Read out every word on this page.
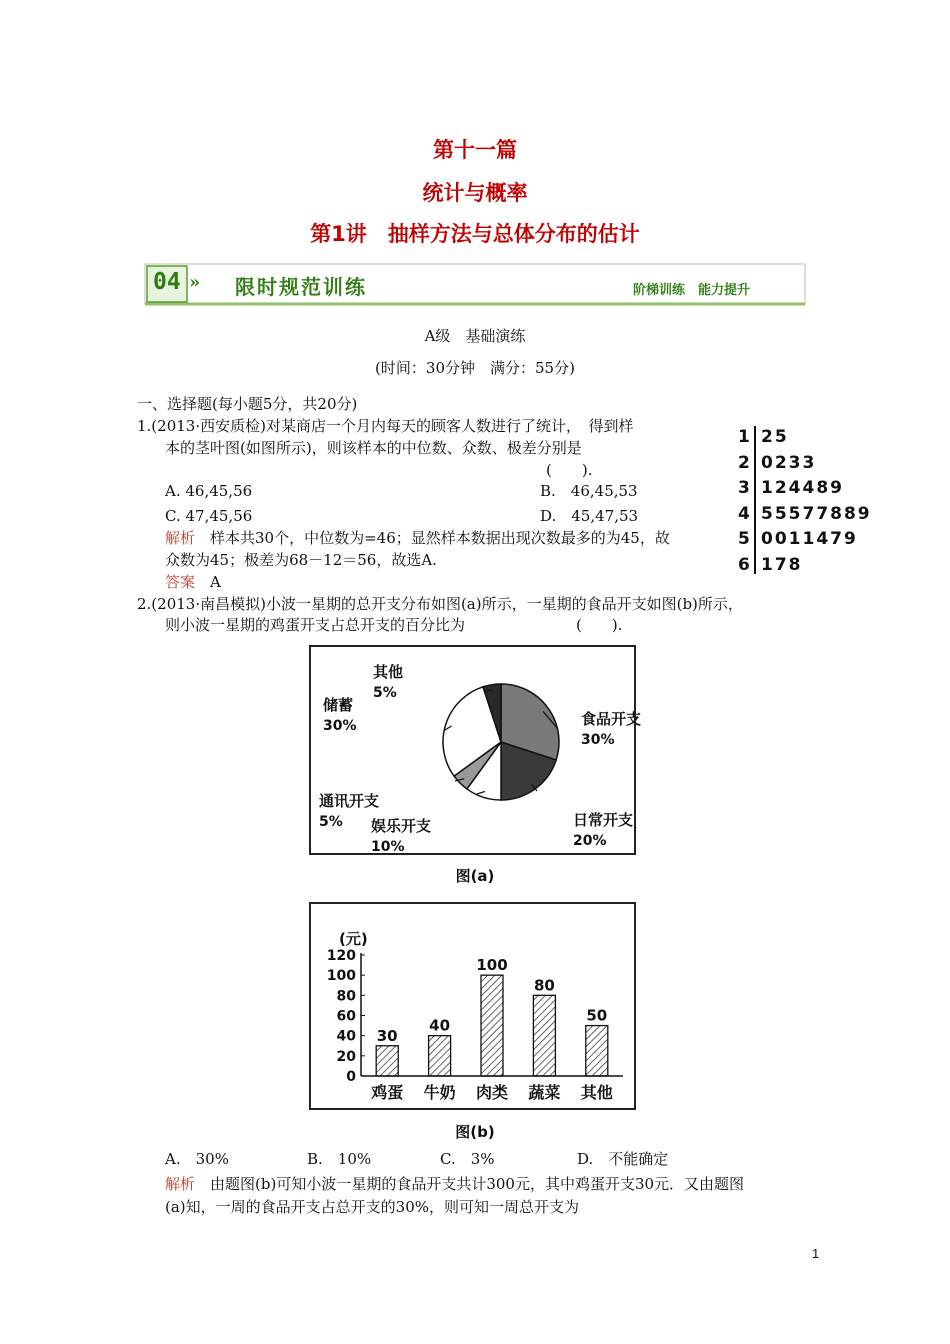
第十一篇
统计与概率
第1讲　抽样方法与总体分布的估计
04 » 限时规范训练	阶梯训练　能力提升
A级　基础演练
(时间：30分钟　满分：55分)
一、选择题(每小题5分，共20分)
1.(2013·西安质检)对某商店一个月内每天的顾客人数进行了统计，　得到样
本的茎叶图(如图所示)，则该样本的中位数、众数、极差分别是
(　　).
A. 46,45,56	B.　46,45,53
C. 47,45,56	D.　45,47,53
解析　样本共30个，中位数为=46；显然样本数据出现次数最多的为45，故
众数为45；极差为68－12＝56，故选A.
答案　A
1 25
2 0233
3 124489
4 55577889
5 0011479
6 178
2.(2013·南昌模拟)小波一星期的总开支分布如图(a)所示，一星期的食品开支如图(b)所示，
则小波一星期的鸡蛋开支占总开支的百分比为	(　　).
食品开支
30%
日常开支
20%
娱乐开支
10%
通讯开支
5%
储蓄
30%
其他
5%
图(a)
(元)
0
20
40
60
80
100
120
30
鸡蛋
40
牛奶
100
肉类
80
蔬菜
50
其他
图(b)
A.　30%	B.　10%	C.　3%	D.　不能确定
解析　由题图(b)可知小波一星期的食品开支共计300元，其中鸡蛋开支30元．又由题图
(a)知，一周的食品开支占总开支的30%，则可知一周总开支为
1
